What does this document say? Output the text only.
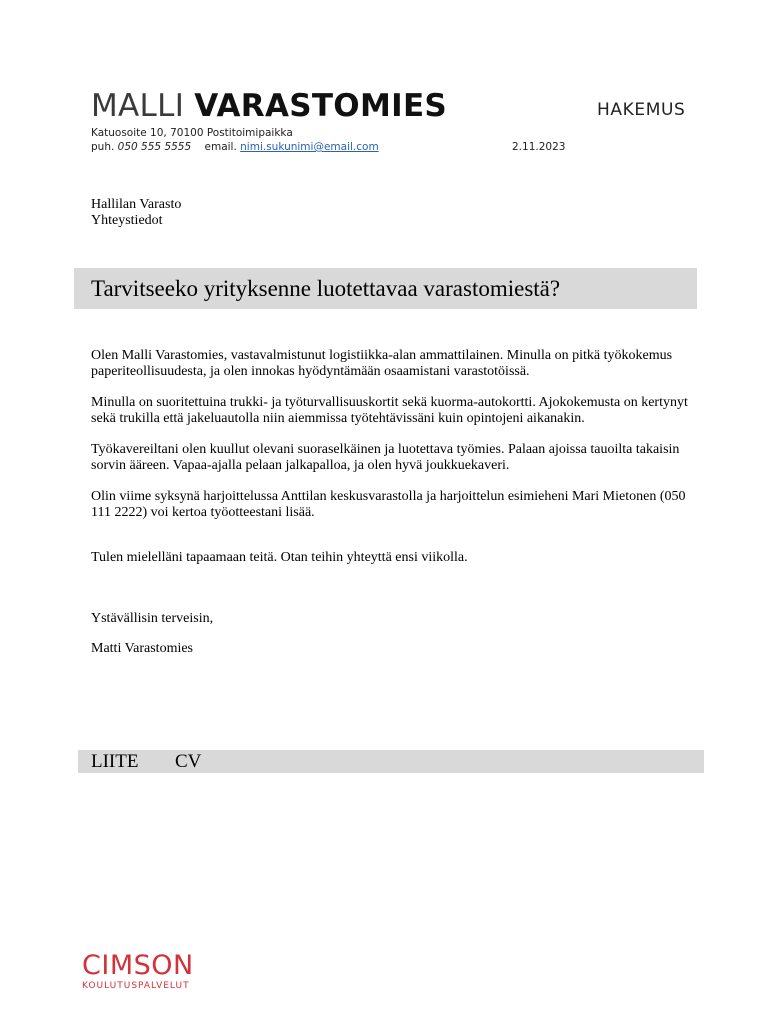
MALLI VARASTOMIES	HAKEMUS
Katuosoite 10, 70100 Postitoimipaikka
puh. 050 555 5555 email. nimi.sukunimi@email.com	2.11.2023
Hallilan Varasto
Yhteystiedot
Tarvitseeko yrityksenne luotettavaa varastomiestä?

Olen Malli Varastomies, vastavalmistunut logistiikka-alan ammattilainen. Minulla on pitkä työkokemus paperiteollisuudesta, ja olen innokas hyödyntämään osaamistani varastotöissä.

Minulla on suoritettuina trukki- ja työturvallisuuskortit sekä kuorma-autokortti. Ajokokemusta on kertynyt sekä trukilla että jakeluautolla niin aiemmissa työtehtävissäni kuin opintojeni aikanakin.

Työkavereiltani olen kuullut olevani suoraselkäinen ja luotettava työmies. Palaan ajoissa tauoilta takaisin sorvin ääreen. Vapaa-ajalla pelaan jalkapalloa, ja olen hyvä joukkuekaveri.

Olin viime syksynä harjoittelussa Anttilan keskusvarastolla ja harjoittelun esimieheni Mari Mietonen (050 111 2222) voi kertoa työotteestani lisää.

Tulen mielelläni tapaamaan teitä. Otan teihin yhteyttä ensi viikolla.

Ystävällisin terveisin,
Matti Varastomies
LIITE CV
CIMSON
KOULUTUSPALVELUT
